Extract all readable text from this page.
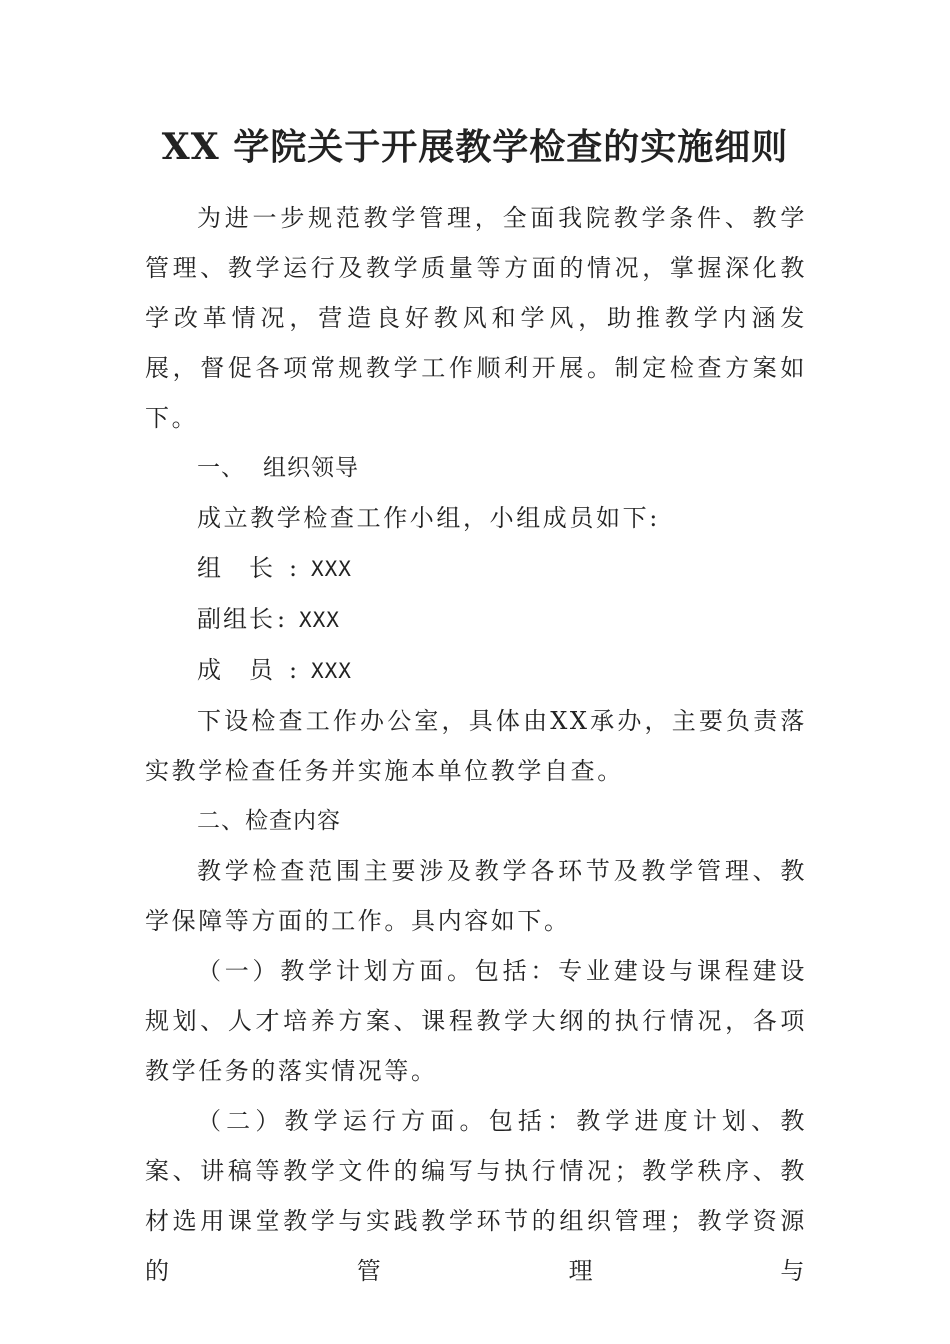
XX 学院关于开展教学检查的实施细则

为进一步规范教学管理，全面我院教学条件、教学管理、教学运行及教学质量等方面的情况，掌握深化教学改革情况，营造良好教风和学风，助推教学内涵发展，督促各项常规教学工作顺利开展。制定检查方案如下。

一、 组织领导

成立教学检查工作小组，小组成员如下:

组 长 : XXX

副组长: XXX

成 员 : XXX

下设检查工作办公室，具体由XX承办，主要负责落实教学检查任务并实施本单位教学自查。

二、检查内容

教学检查范围主要涉及教学各环节及教学管理、教学保障等方面的工作。具内容如下。

（一）教学计划方面。包括：专业建设与课程建设规划、人才培养方案、课程教学大纲的执行情况，各项教学任务的落实情况等。

（二）教学运行方面。包括：教学进度计划、教案、讲稿等教学文件的编写与执行情况；教学秩序、教材选用课堂教学与实践教学环节的组织管理；教学资源的管理与
